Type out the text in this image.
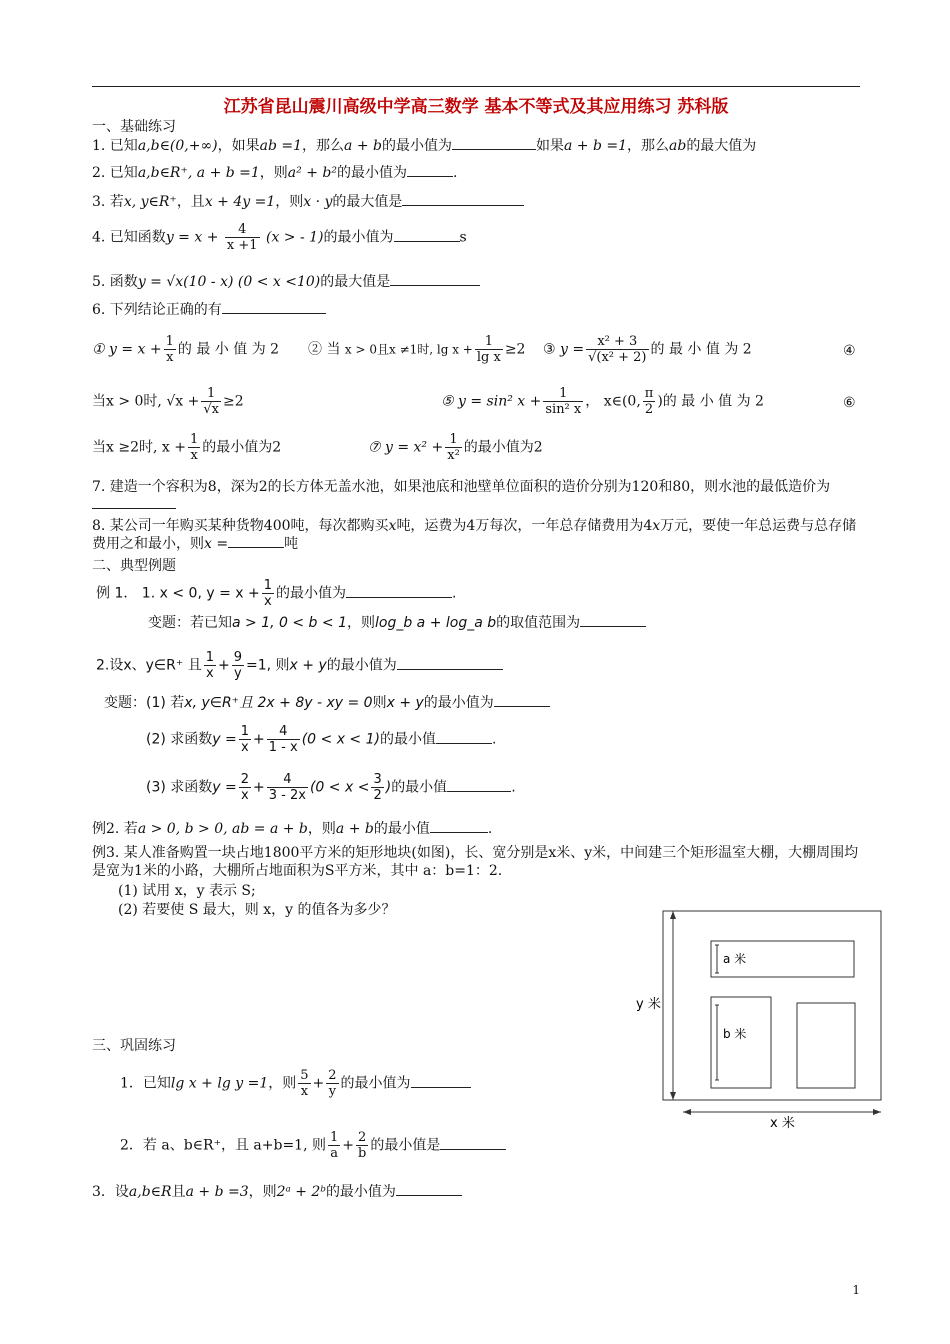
江苏省昆山震川高级中学高三数学 基本不等式及其应用练习 苏科版
一、基础练习
1. 已知a,b∈(0,+∞)，如果ab =1，那么a + b的最小值为	如果a + b =1，那么ab的最大值为
2. 已知a,b∈R⁺, a + b =1，则a² + b²的最小值为	.
3. 若x, y∈R⁺，且x + 4y =1，则x · y的最大值是
4. 已知函数$y = x + \frac{4}{x +1} (x$ > - 1)的最小值为	s
5. 函数y = √x(10 - x) (0 < x <10)的最大值是
6. 下列结论正确的有
① $y = x + \frac{1}{x}$ 的 最 小 值 为 2 ② 当 x > 0且x ≠1时, $\lg x + \frac{1}{\text{lg x}} \ge 2$ ③ $y = \frac{\text{x² + 3}}{\text{√(x² + 2)}}$ 的 最 小 值 为 2	④
当x > 0时, $√x + \frac{1}{√x} \ge 2$	⑤ y = sin² $x + \frac{1}{\text{sin² x}}$ ， x∈(0, $\frac{\pi}{2}$ )的 最 小 值 为 2	⑥
当x ≥2时, $x + \frac{1}{x}$ 的最小值为2	⑦ $y = x^2 + \frac{1}{\text{x²}}$ 的最小值为2
7. 建造一个容积为8，深为2的长方体无盖水池，如果池底和池壁单位面积的造价分别为120和80，则水池的最低造价为
8. 某公司一年购买某种货物400吨，每次都购买x吨，运费为4万每次，一年总存储费用为4x万元，要使一年总运费与总存储费用之和最小，则x =	吨
二、典型例题
例 1． 1. x < 0, $y = x + \frac{1}{x}$ 的最小值为	.
变题：若已知a > 1, 0 < b < 1，则log_b a + log_a b的取值范围为
2.设x、y∈R⁺ 且 $\frac{1}{x} + \frac{9}{y} =1$, 则x + y的最小值为
变题：(1) 若x, y∈R⁺且 2x + 8y - xy = 0则x + y的最小值为
(2) 求函数$y = \frac{1}{x} + \frac{4}{1 - x} (0 < x < 1)$的最小值	.
(3) 求函数$y = \frac{2}{x} + \frac{4}{3 - 2x} (0 < x < \frac{3}{2}$ )的最小值	.
例2. 若a > 0, b > 0, ab = a + b，则a + b的最小值	.
例3. 某人准备购置一块占地1800平方米的矩形地块(如图)，长、宽分别是x米、y米，中间建三个矩形温室大棚，大棚周围均是宽为1米的小路，大棚所占地面积为S平方米，其中 a：b=1：2.
(1) 试用 x，y 表示 S;
(2) 若要使 S 最大，则 x，y 的值各为多少？
a 米
b 米
y 米
x 米
三、巩固练习
1．已知lg x + lg y =1，则 $\frac{5}{x} + \frac{2}{y}$ 的最小值为
2．若 a、b∈R⁺，且 a+b=1, 则 $\frac{1}{a} + \frac{2}{b}$ 的最小值是
3．设a,b∈R且a + b =3，则2ᵃ + 2ᵇ的最小值为
1
